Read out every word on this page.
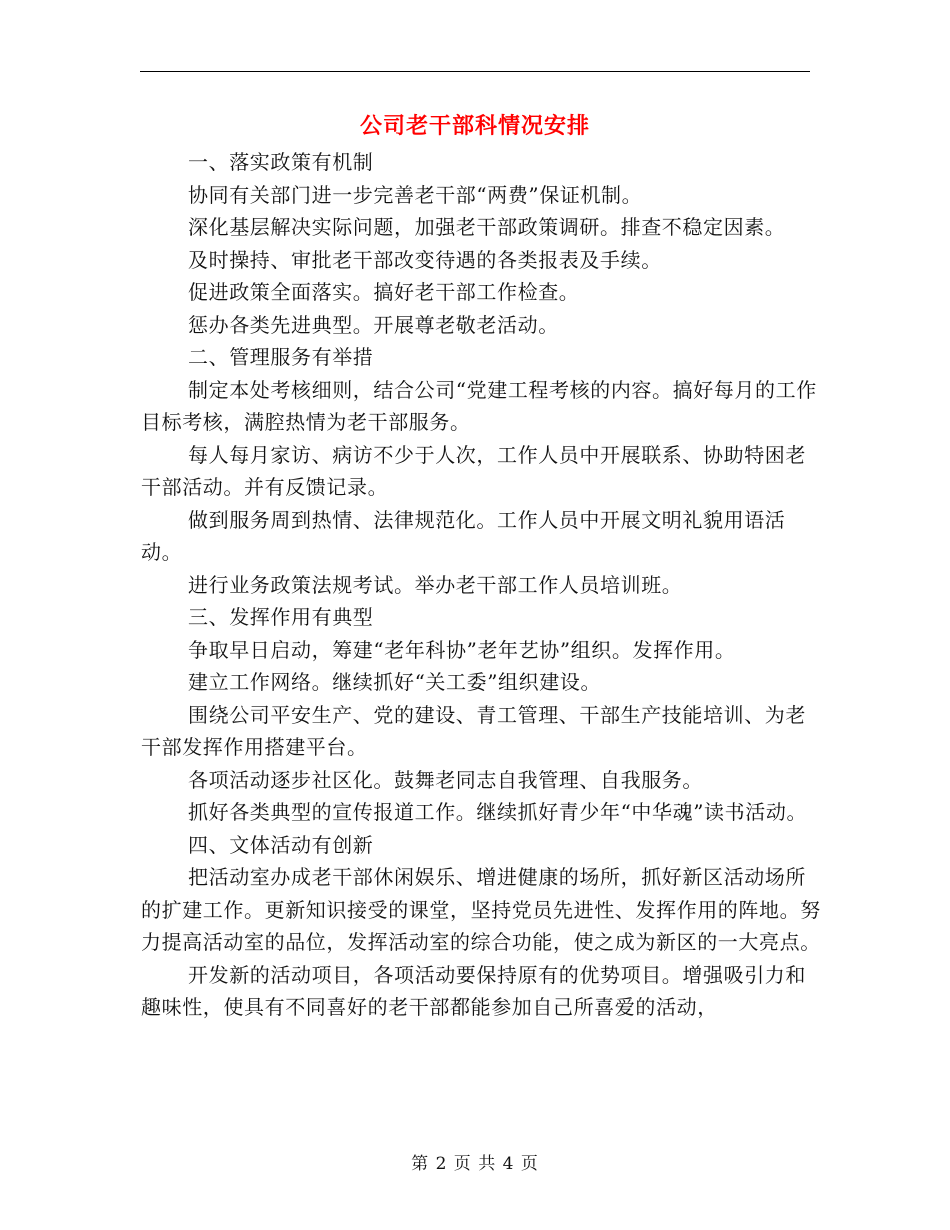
公司老干部科情况安排

一、落实政策有机制

协同有关部门进一步完善老干部“两费”保证机制。

深化基层解决实际问题，加强老干部政策调研。排查不稳定因素。

及时操持、审批老干部改变待遇的各类报表及手续。

促进政策全面落实。搞好老干部工作检查。

惩办各类先进典型。开展尊老敬老活动。

二、管理服务有举措

制定本处考核细则，结合公司“党建工程考核的内容。搞好每月的工作目标考核，满腔热情为老干部服务。

每人每月家访、病访不少于人次，工作人员中开展联系、协助特困老干部活动。并有反馈记录。

做到服务周到热情、法律规范化。工作人员中开展文明礼貌用语活动。

进行业务政策法规考试。举办老干部工作人员培训班。

三、发挥作用有典型

争取早日启动，筹建“老年科协”老年艺协”组织。发挥作用。

建立工作网络。继续抓好“关工委”组织建设。

围绕公司平安生产、党的建设、青工管理、干部生产技能培训、为老干部发挥作用搭建平台。

各项活动逐步社区化。鼓舞老同志自我管理、自我服务。

抓好各类典型的宣传报道工作。继续抓好青少年“中华魂”读书活动。

四、文体活动有创新

把活动室办成老干部休闲娱乐、增进健康的场所，抓好新区活动场所的扩建工作。更新知识接受的课堂，坚持党员先进性、发挥作用的阵地。努力提高活动室的品位，发挥活动室的综合功能，使之成为新区的一大亮点。

开发新的活动项目，各项活动要保持原有的优势项目。增强吸引力和趣味性，使具有不同喜好的老干部都能参加自己所喜爱的活动，

第 2 页 共 4 页
